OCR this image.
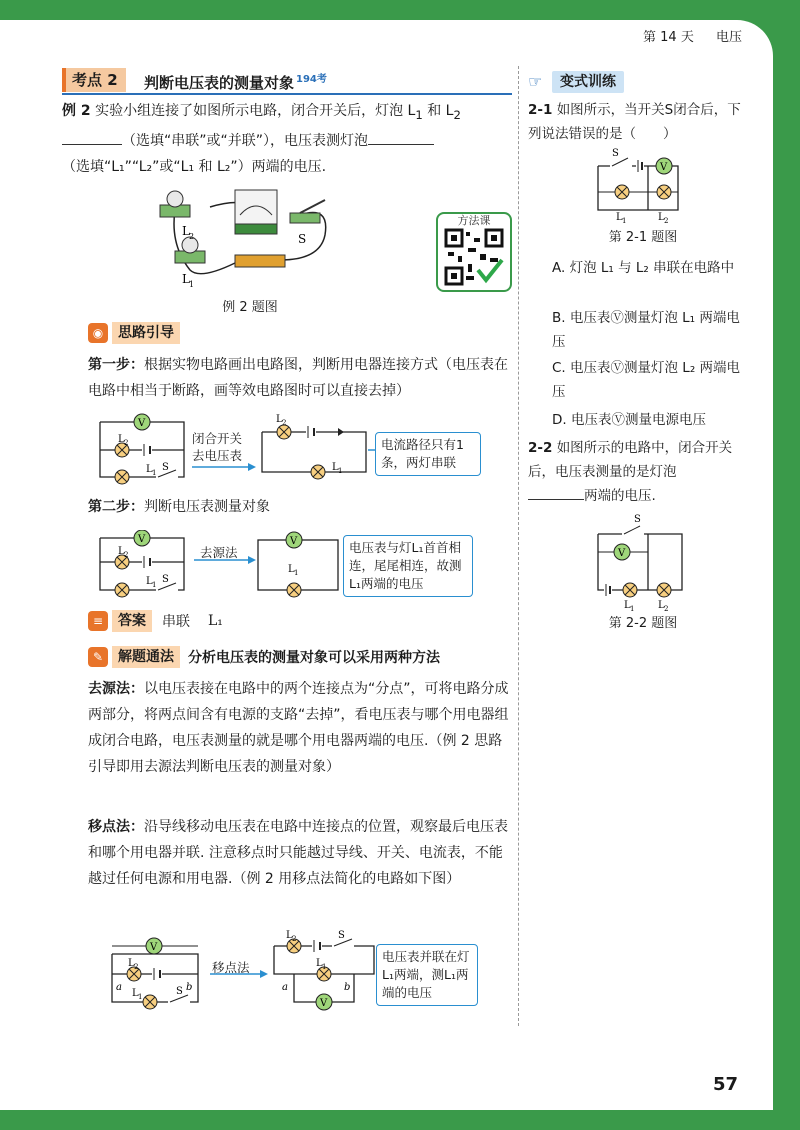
第 14 天 电压
考点 2	判断电压表的测量对象 $^{194考}$
例 2 实验小组连接了如图所示电路，闭合开关后，灯泡 $L_1$ 和 $L_2$
（选填“串联”或“并联”），电压表测灯泡
（选填“L₁”“L₂”或“L₁ 和 L₂”）两端的电压.
L 2
L 1
S
例 2 题图
方法课
◉	思路引导
第一步：根据实物电路画出电路图，判断用电器连接方式（电压表在电路中相当于断路，画等效电路图时可以直接去掉）
V
L 2
L 1 S
L 2
L 1
闭合开关 去电压表
电流路径只有1条，两灯串联
第二步：判断电压表测量对象
V
L 2
L 1 S
V
L 1
去源法	电压表与灯L₁首首相连，尾尾相连，故测L₁两端的电压
≡	答案	串联 L₁
✎	解题通法	分析电压表的测量对象可以采用两种方法
去源法：以电压表接在电路中的两个连接点为“分点”，可将电路分成两部分，将两点间含有电源的支路“去掉”，看电压表与哪个用电器组成闭合电路，电压表测量的就是哪个用电器两端的电压.（例 2 思路引导即用去源法判断电压表的测量对象）
移点法：沿导线移动电压表在电路中连接点的位置，观察最后电压表和哪个用电器并联. 注意移点时只能越过导线、开关、电流表，不能越过任何电源和用电器.（例 2 用移点法简化的电路如下图）
V
L 2
L 1	S
a	b
V
L 2	S
L 1
a	b
移点法
电压表并联在灯L₁两端，测L₁两端的电压
☞	变式训练
2-1 如图所示，当开关S闭合后，下列说法错误的是（　　）
V
S
L 1	L 2
第 2-1 题图
A. 灯泡 L₁ 与 L₂ 串联在电路中
B. 电压表Ⓥ测量灯泡 L₁ 两端电压
C. 电压表Ⓥ测量灯泡 L₂ 两端电压
D. 电压表Ⓥ测量电源电压
2-2 如图所示的电路中，闭合开关后，电压表测量的是灯泡
两端的电压.
V
S
L 1 L 2
第 2-2 题图
57
